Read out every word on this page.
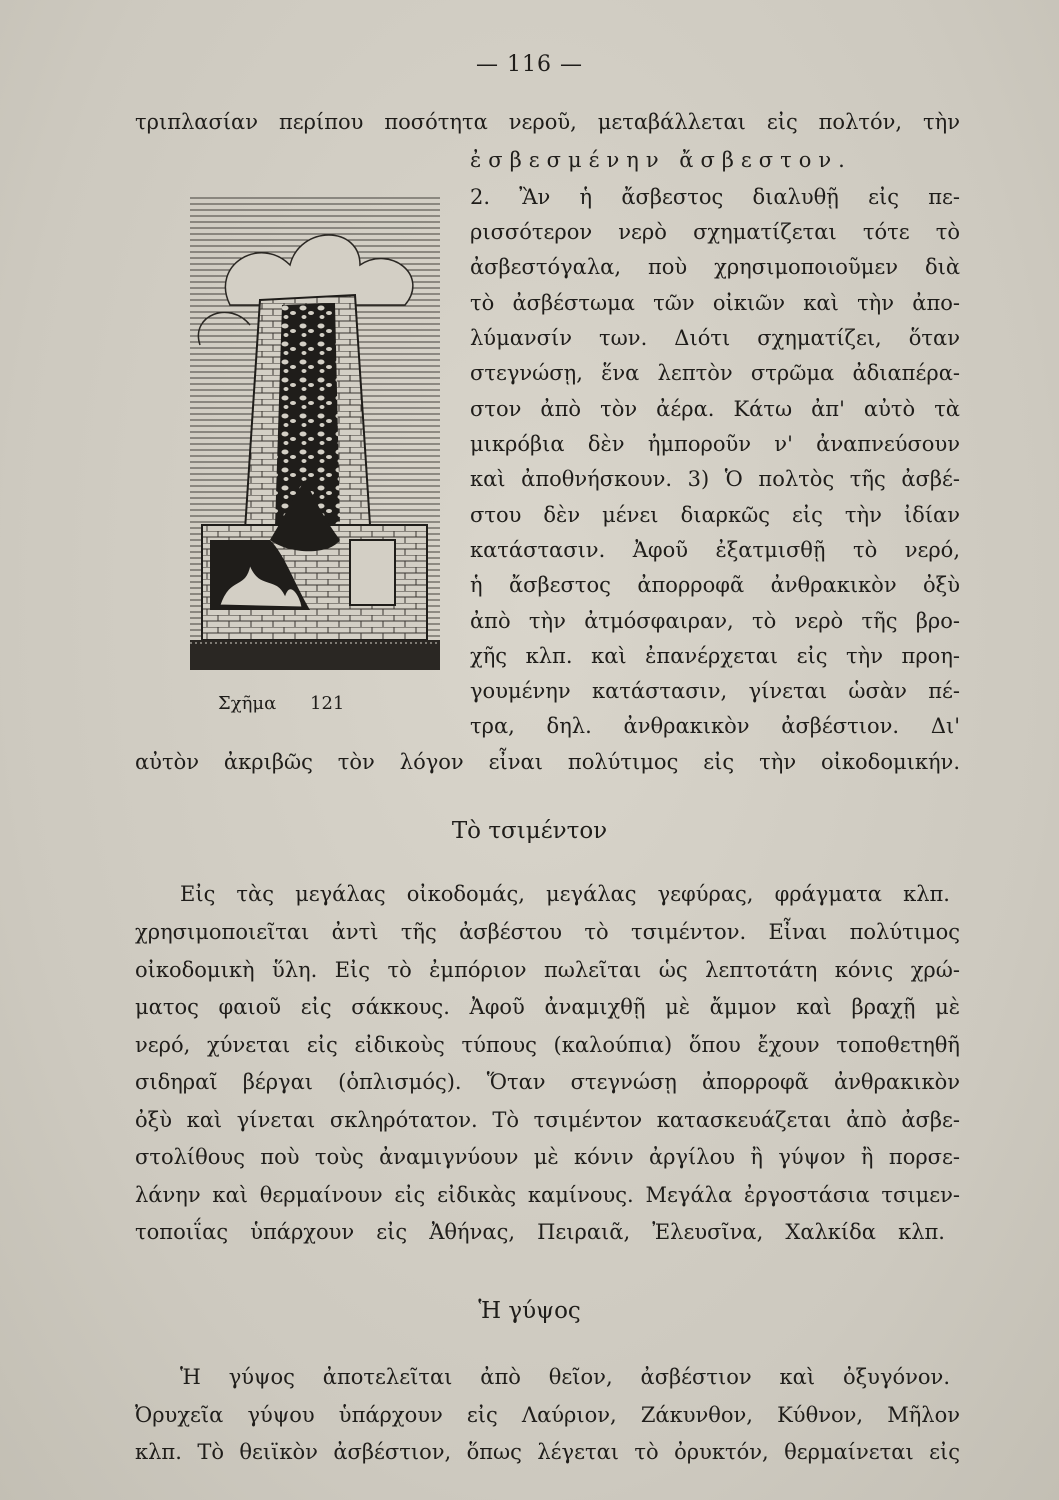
— 116 —
τριπλασίαν περίπου ποσότητα νεροῦ, μεταβάλλεται εἰς πολτόν, τὴν
ἐσβεσμένην ἄσβεστον.
2. Ἂν ἡ ἄσβεστος διαλυθῇ εἰς πε-
ρισσότερον νερὸ σχηματίζεται τότε τὸ
ἀσβεστόγαλα, ποὺ χρησιμοποιοῦμεν διὰ
τὸ ἀσβέστωμα τῶν οἰκιῶν καὶ τὴν ἀπο-
λύμανσίν των. Διότι σχηματίζει, ὅταν
στεγνώσῃ, ἕνα λεπτὸν στρῶμα ἀδιαπέρα-
στον ἀπὸ τὸν ἀέρα. Κάτω ἀπ' αὐτὸ τὰ
μικρόβια δὲν ἠμποροῦν ν' ἀναπνεύσουν
καὶ ἀποθνήσκουν. 3) Ὁ πολτὸς τῆς ἀσβέ-
στου δὲν μένει διαρκῶς εἰς τὴν ἰδίαν
κατάστασιν. Ἀφοῦ ἐξατμισθῇ τὸ νερό,
ἡ ἄσβεστος ἀπορροφᾶ ἀνθρακικὸν ὀξὺ
ἀπὸ τὴν ἀτμόσφαιραν, τὸ νερὸ τῆς βρο-
χῆς κλπ. καὶ ἐπανέρχεται εἰς τὴν προη-
γουμένην κατάστασιν, γίνεται ὡσὰν πέ-
τρα, δηλ. ἀνθρακικὸν ἀσβέστιον. Δι'
αὐτὸν ἀκριβῶς τὸν λόγον εἶναι πολύτιμος εἰς τὴν οἰκοδομικήν.
Σχῆμα 121
Τὸ τσιμέντον
Εἰς τὰς μεγάλας οἰκοδομάς, μεγάλας γεφύρας, φράγματα κλπ.
χρησιμοποιεῖται ἀντὶ τῆς ἀσβέστου τὸ τσιμέντον. Εἶναι πολύτιμος
οἰκοδομικὴ ὕλη. Εἰς τὸ ἐμπόριον πωλεῖται ὡς λεπτοτάτη κόνις χρώ-
ματος φαιοῦ εἰς σάκκους. Ἀφοῦ ἀναμιχθῇ μὲ ἄμμον καὶ βραχῇ μὲ
νερό, χύνεται εἰς εἰδικοὺς τύπους (καλούπια) ὅπου ἔχουν τοποθετηθῆ
σιδηραῖ βέργαι (ὁπλισμός). Ὅταν στεγνώσῃ ἀπορροφᾶ ἀνθρακικὸν
ὀξὺ καὶ γίνεται σκληρότατον. Τὸ τσιμέντον κατασκευάζεται ἀπὸ ἀσβε-
στολίθους ποὺ τοὺς ἀναμιγνύουν μὲ κόνιν ἀργίλου ἢ γύψον ἢ πορσε-
λάνην καὶ θερμαίνουν εἰς εἰδικὰς καμίνους. Μεγάλα ἐργοστάσια τσιμεν-
τοποιΐας ὑπάρχουν εἰς Ἀθήνας, Πειραιᾶ, Ἐλευσῖνα, Χαλκίδα κλπ.
Ἡ γύψος
Ἡ γύψος ἀποτελεῖται ἀπὸ θεῖον, ἀσβέστιον καὶ ὀξυγόνον.
Ὀρυχεῖα γύψου ὑπάρχουν εἰς Λαύριον, Ζάκυνθον, Κύθνον, Μῆλον
κλπ. Τὸ θειϊκὸν ἀσβέστιον, ὅπως λέγεται τὸ ὀρυκτόν, θερμαίνεται εἰς
